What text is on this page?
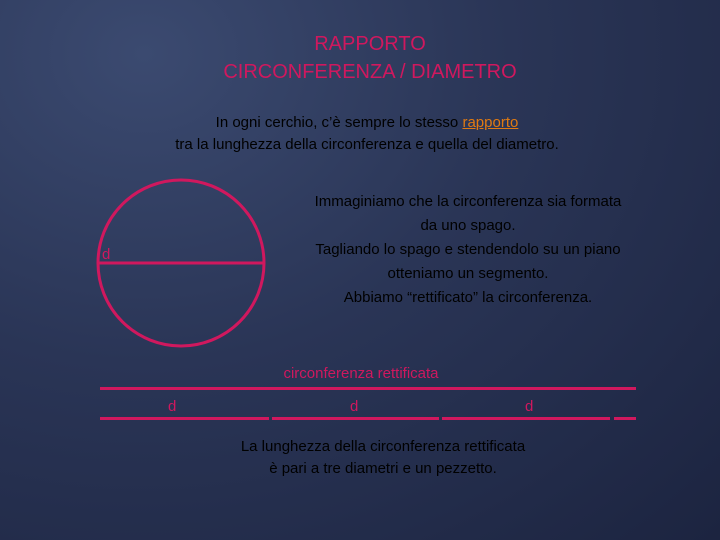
RAPPORTO
CIRCONFERENZA / DIAMETRO
In ogni cerchio, c’è sempre lo stesso rapporto
tra la lunghezza della circonferenza e quella del diametro.
d
Immaginiamo che la circonferenza sia formata
da uno spago.
Tagliando lo spago e stendendolo su un piano
otteniamo un segmento.
Abbiamo “rettificato” la circonferenza.
circonferenza rettificata
d	d	d
La lunghezza della circonferenza rettificata
è pari a tre diametri e un pezzetto.
